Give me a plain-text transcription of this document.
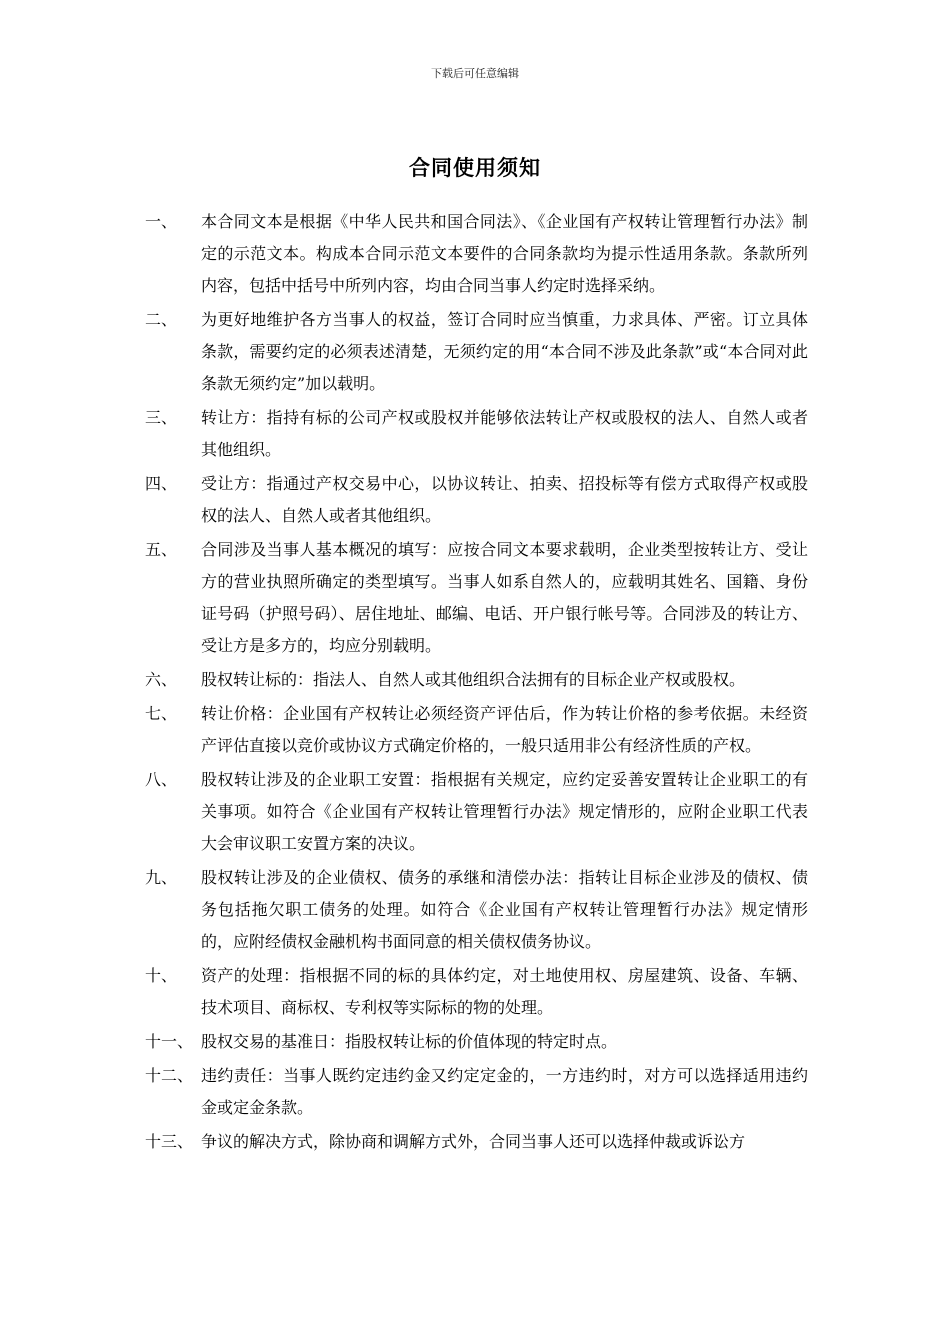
下载后可任意编辑
合同使用须知
一、 本合同文本是根据《中华人民共和国合同法》、《企业国有产权转让管理暂行办法》制定的示范文本。构成本合同示范文本要件的合同条款均为提示性适用条款。条款所列内容，包括中括号中所列内容，均由合同当事人约定时选择采纳。
二、 为更好地维护各方当事人的权益，签订合同时应当慎重，力求具体、严密。订立具体条款，需要约定的必须表述清楚，无须约定的用“本合同不涉及此条款”或“本合同对此条款无须约定”加以载明。
三、 转让方：指持有标的公司产权或股权并能够依法转让产权或股权的法人、自然人或者其他组织。
四、 受让方：指通过产权交易中心，以协议转让、拍卖、招投标等有偿方式取得产权或股权的法人、自然人或者其他组织。
五、 合同涉及当事人基本概况的填写：应按合同文本要求载明，企业类型按转让方、受让方的营业执照所确定的类型填写。当事人如系自然人的，应载明其姓名、国籍、身份证号码（护照号码）、居住地址、邮编、电话、开户银行帐号等。合同涉及的转让方、受让方是多方的，均应分别载明。
六、 股权转让标的：指法人、自然人或其他组织合法拥有的目标企业产权或股权。
七、 转让价格：企业国有产权转让必须经资产评估后，作为转让价格的参考依据。未经资产评估直接以竞价或协议方式确定价格的，一般只适用非公有经济性质的产权。
八、 股权转让涉及的企业职工安置：指根据有关规定，应约定妥善安置转让企业职工的有关事项。如符合《企业国有产权转让管理暂行办法》规定情形的，应附企业职工代表大会审议职工安置方案的决议。
九、 股权转让涉及的企业债权、债务的承继和清偿办法：指转让目标企业涉及的债权、债务包括拖欠职工债务的处理。如符合《企业国有产权转让管理暂行办法》规定情形的，应附经债权金融机构书面同意的相关债权债务协议。
十、 资产的处理：指根据不同的标的具体约定，对土地使用权、房屋建筑、设备、车辆、技术项目、商标权、专利权等实际标的物的处理。
十一、 股权交易的基准日：指股权转让标的价值体现的特定时点。
十二、 违约责任：当事人既约定违约金又约定定金的，一方违约时，对方可以选择适用违约金或定金条款。
十三、 争议的解决方式，除协商和调解方式外，合同当事人还可以选择仲裁或诉讼方
